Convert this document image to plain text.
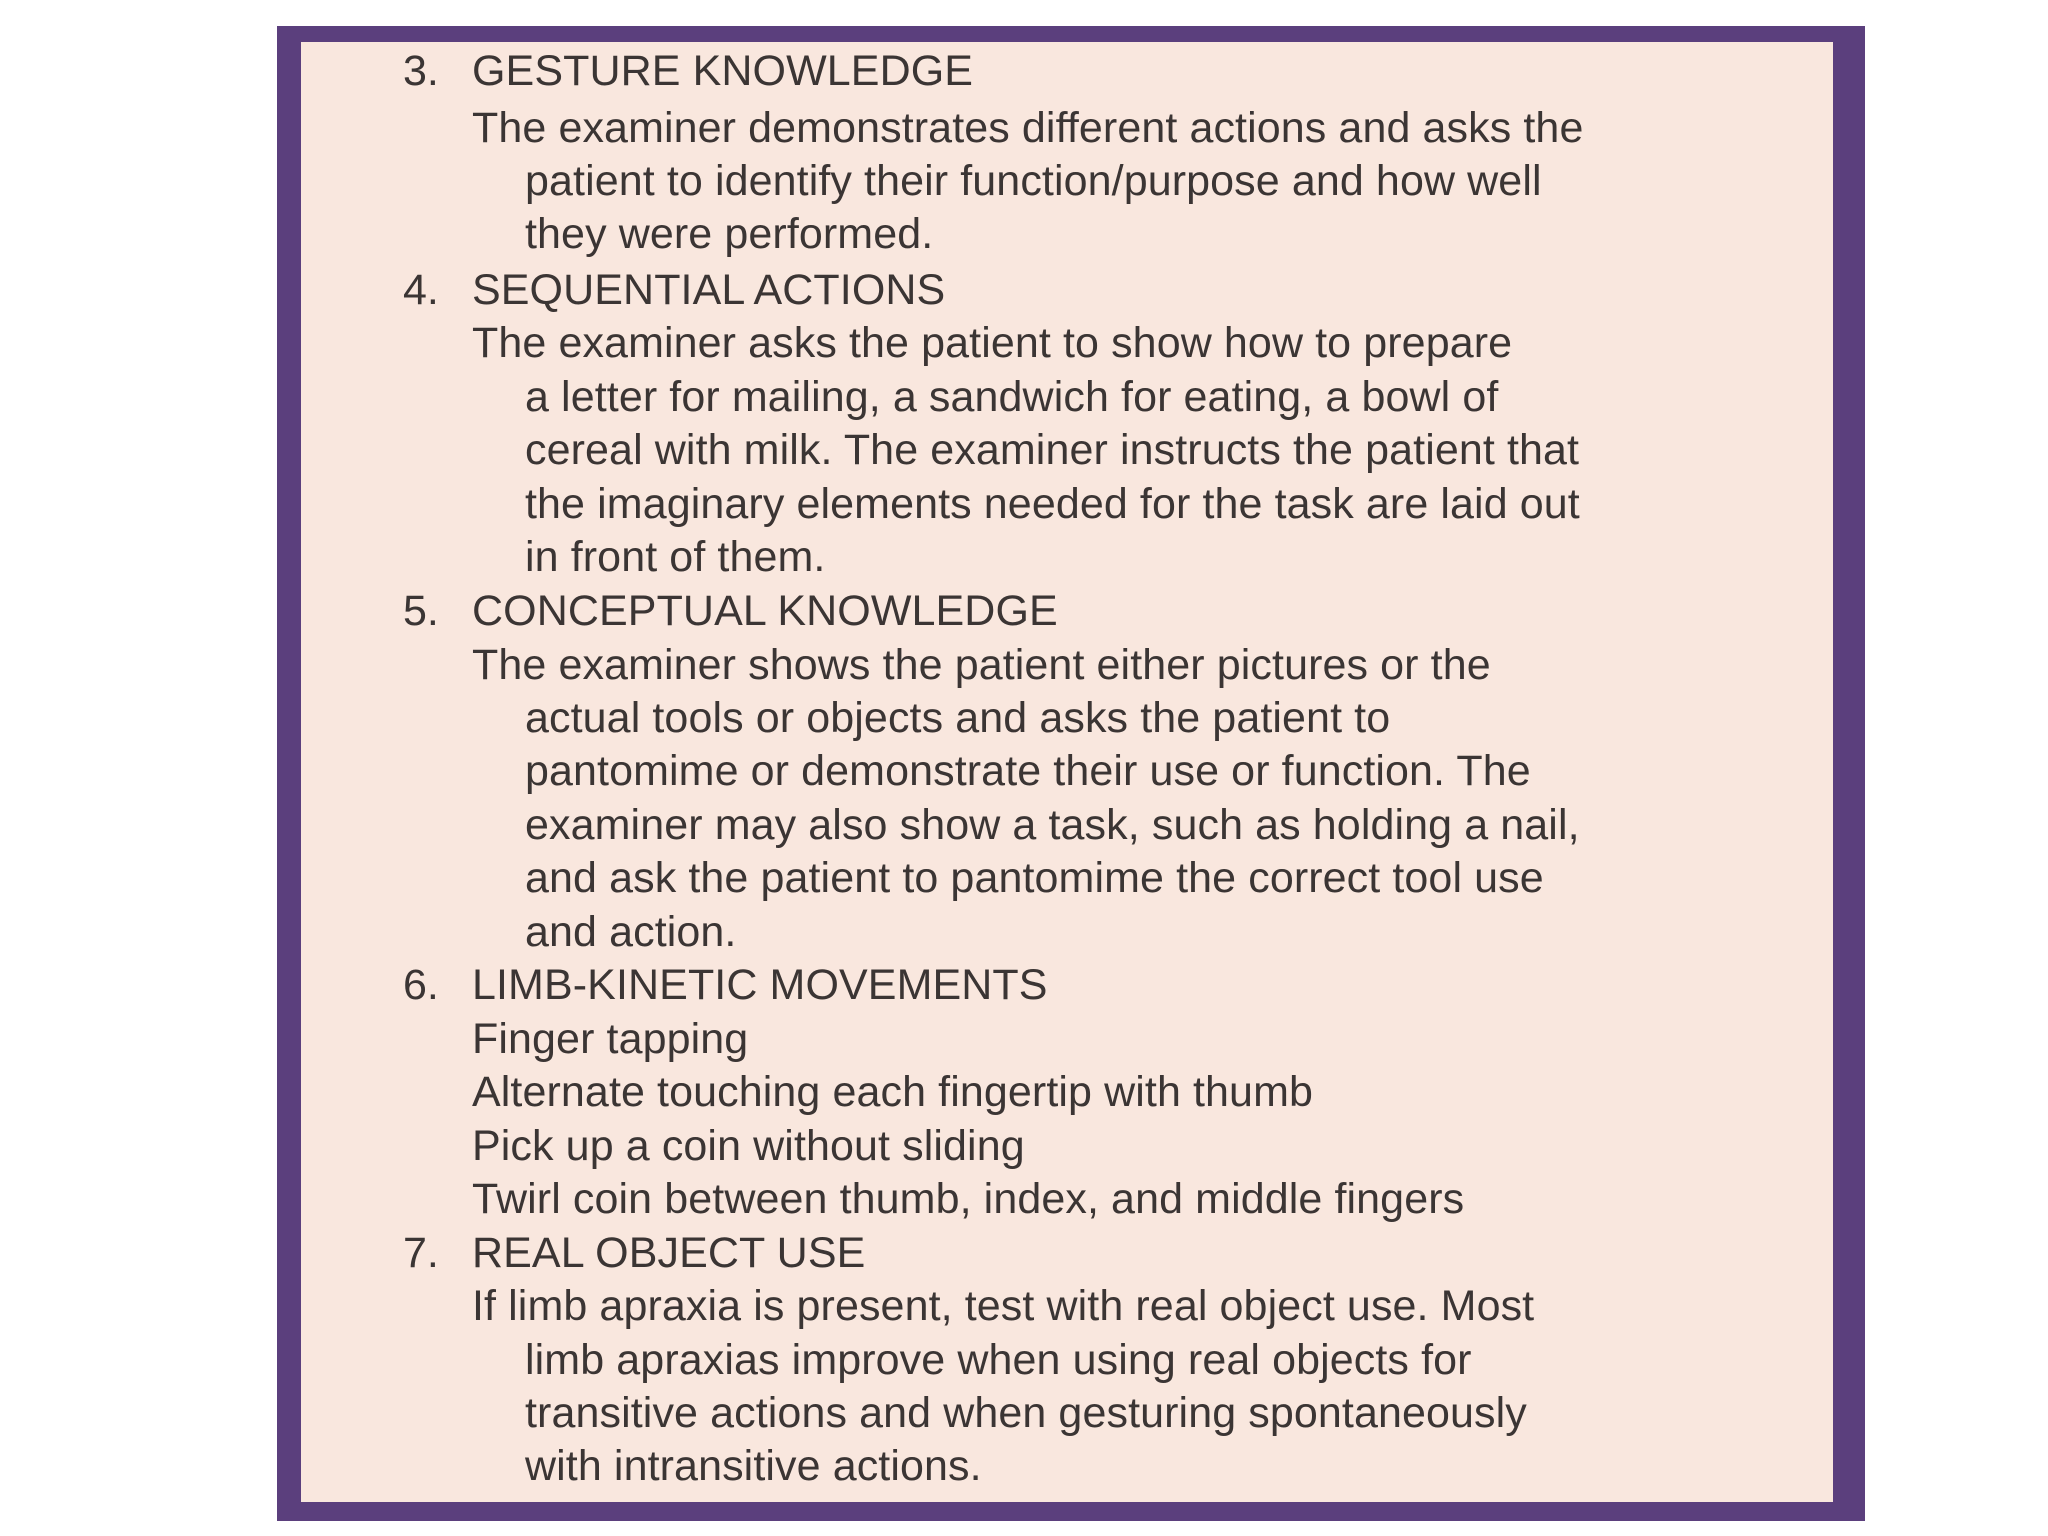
3. GESTURE KNOWLEDGE
The examiner demonstrates different actions and asks the
patient to identify their function/purpose and how well
they were performed.
4. SEQUENTIAL ACTIONS
The examiner asks the patient to show how to prepare
a letter for mailing, a sandwich for eating, a bowl of
cereal with milk. The examiner instructs the patient that
the imaginary elements needed for the task are laid out
in front of them.
5. CONCEPTUAL KNOWLEDGE
The examiner shows the patient either pictures or the
actual tools or objects and asks the patient to
pantomime or demonstrate their use or function. The
examiner may also show a task, such as holding a nail,
and ask the patient to pantomime the correct tool use
and action.
6. LIMB-KINETIC MOVEMENTS
Finger tapping
Alternate touching each fingertip with thumb
Pick up a coin without sliding
Twirl coin between thumb, index, and middle fingers
7. REAL OBJECT USE
If limb apraxia is present, test with real object use. Most
limb apraxias improve when using real objects for
transitive actions and when gesturing spontaneously
with intransitive actions.
